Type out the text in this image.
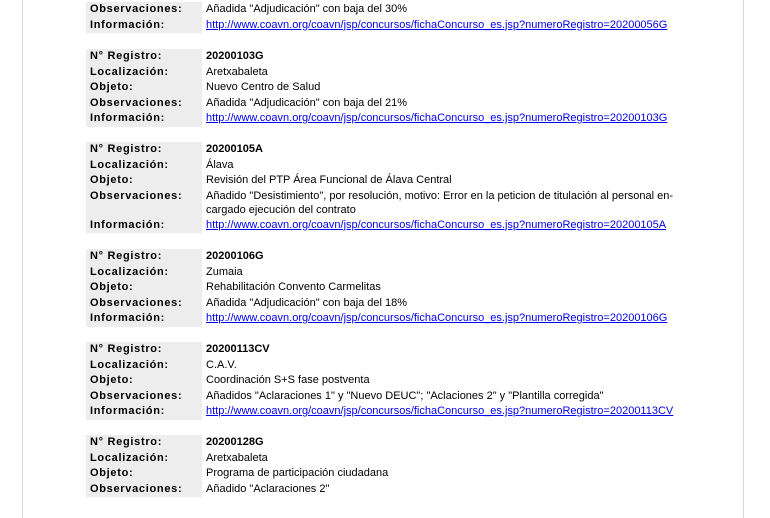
Observaciones:	Añadida "Adjudicación" con baja del 30%
Información:	http://www.coavn.org/coavn/jsp/concursos/fichaConcurso_es.jsp?numeroRegistro=20200056G
N° Registro:	20200103G
Localización:	Aretxabaleta
Objeto:	Nuevo Centro de Salud
Observaciones:	Añadida "Adjudicación" con baja del 21%
Información:	http://www.coavn.org/coavn/jsp/concursos/fichaConcurso_es.jsp?numeroRegistro=20200103G
N° Registro:	20200105A
Localización:	Álava
Objeto:	Revisión del PTP Área Funcional de Álava Central
Observaciones:	Añadido "Desistimiento", por resolución, motivo: Error en la peticion de titulación al personal en-
cargado ejecución del contrato
Información:	http://www.coavn.org/coavn/jsp/concursos/fichaConcurso_es.jsp?numeroRegistro=20200105A
N° Registro:	20200106G
Localización:	Zumaia
Objeto:	Rehabilitación Convento Carmelitas
Observaciones:	Añadida "Adjudicación" con baja del 18%
Información:	http://www.coavn.org/coavn/jsp/concursos/fichaConcurso_es.jsp?numeroRegistro=20200106G
N° Registro:	20200113CV
Localización:	C.A.V.
Objeto:	Coordinación S+S fase postventa
Observaciones:	Añadidos "Aclaraciones 1" y "Nuevo DEUC"; "Aclaciones 2" y "Plantilla corregida"
Información:	http://www.coavn.org/coavn/jsp/concursos/fichaConcurso_es.jsp?numeroRegistro=20200113CV
N° Registro:	20200128G
Localización:	Aretxabaleta
Objeto:	Programa de participación ciudadana
Observaciones:	Añadido "Aclaraciones 2"
